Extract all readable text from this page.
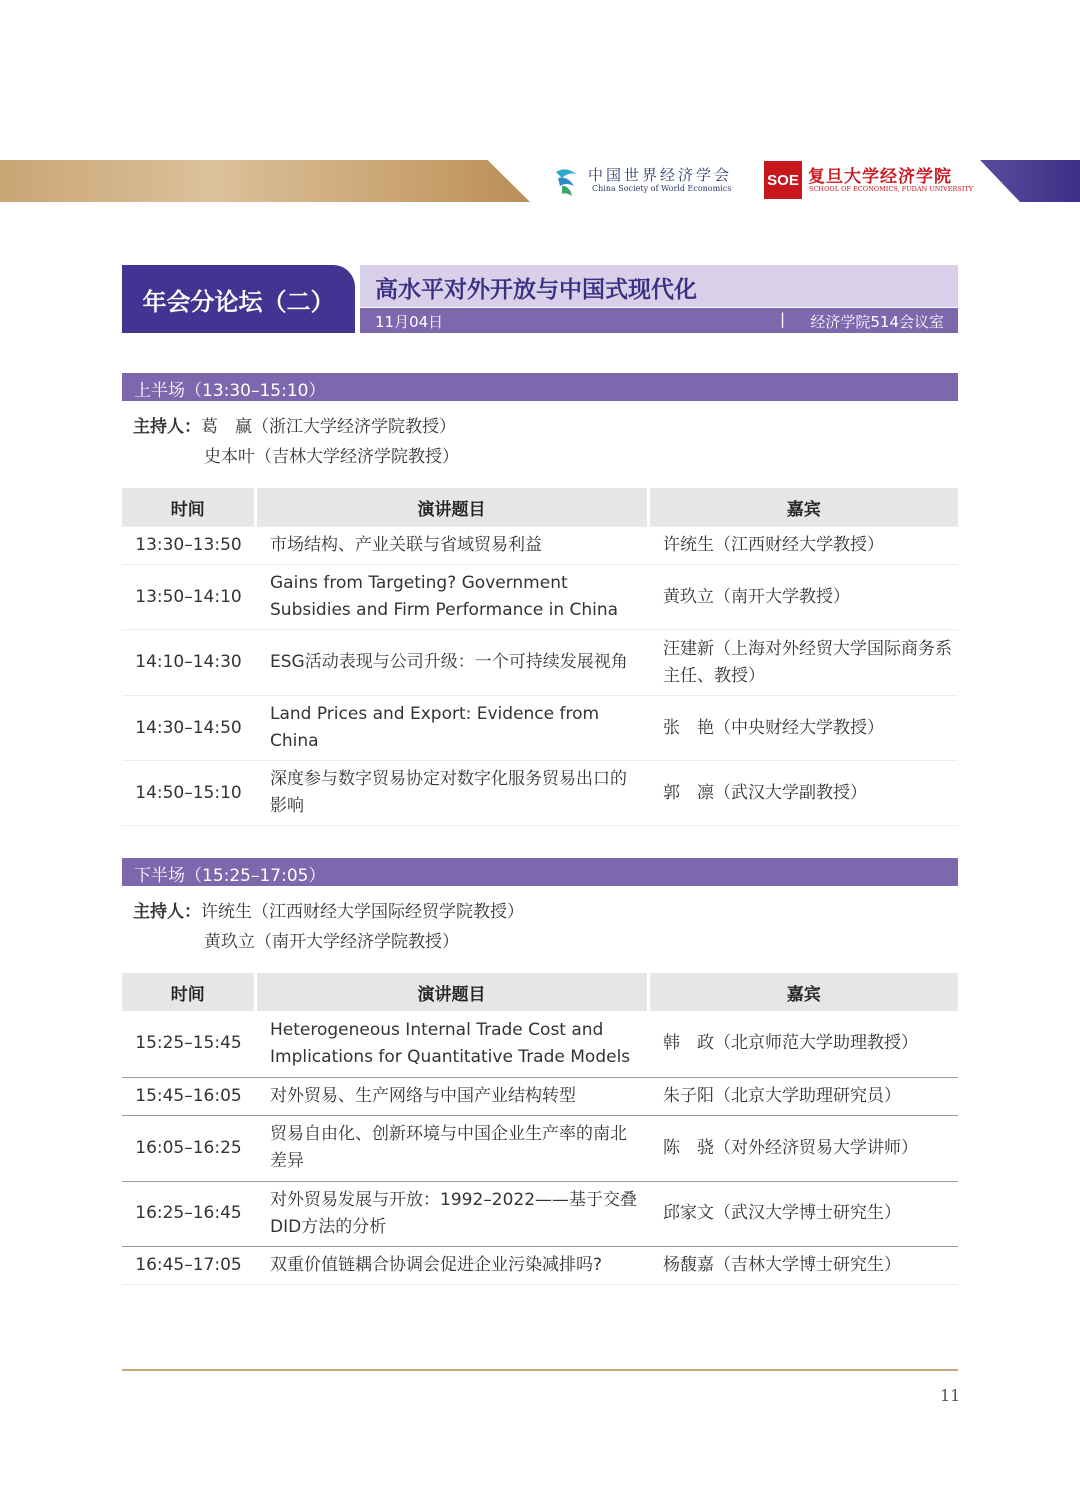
中国世界经济学会
China Society of World Economics SOE 复旦大学经济学院
SCHOOL OF ECONOMICS, FUDAN UNIVERSITY
年会分论坛（二）	高水平对外开放与中国式现代化
11月04日	| 经济学院514会议室
上半场（13:30–15:10）
主持人：葛　赢（浙江大学经济学院教授）
史本叶（吉林大学经济学院教授）
时间	演讲题目	嘉宾
13:30–13:50	市场结构、产业关联与省域贸易利益	许统生（江西财经大学教授）
13:50–14:10	Gains from Targeting? Government Subsidies and Firm Performance in China	黄玖立（南开大学教授）
14:10–14:30	ESG活动表现与公司升级：一个可持续发展视角	汪建新（上海对外经贸大学国际商务系主任、教授）
14:30–14:50	Land Prices and Export: Evidence from China	张　艳（中央财经大学教授）
14:50–15:10	深度参与数字贸易协定对数字化服务贸易出口的影响	郭　凛（武汉大学副教授）
下半场（15:25–17:05）
主持人：许统生（江西财经大学国际经贸学院教授）
黄玖立（南开大学经济学院教授）
时间	演讲题目	嘉宾
15:25–15:45	Heterogeneous Internal Trade Cost and Implications for Quantitative Trade Models	韩　政（北京师范大学助理教授）
15:45–16:05	对外贸易、生产网络与中国产业结构转型	朱子阳（北京大学助理研究员）
16:05–16:25	贸易自由化、创新环境与中国企业生产率的南北差异	陈　骁（对外经济贸易大学讲师）
16:25–16:45	对外贸易发展与开放：1992–2022——基于交叠DID方法的分析	邱家文（武汉大学博士研究生）
16:45–17:05	双重价值链耦合协调会促进企业污染减排吗?	杨馥嘉（吉林大学博士研究生）
11
